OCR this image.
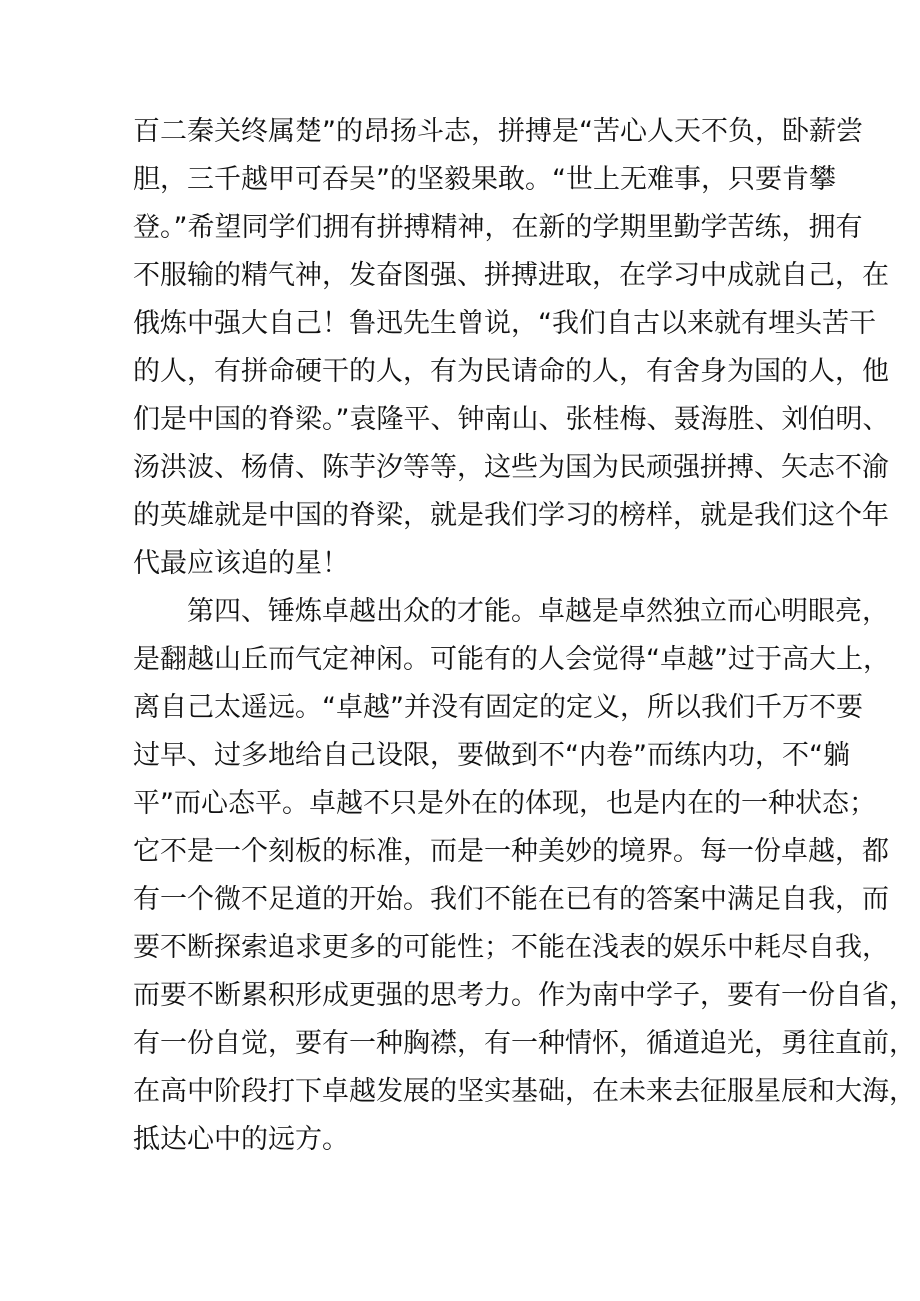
百二秦关终属楚”的昂扬斗志，拼搏是“苦心人天不负，卧薪尝
胆，三千越甲可吞吴”的坚毅果敢。“世上无难事，只要肯攀
登。”希望同学们拥有拼搏精神，在新的学期里勤学苦练，拥有
不服输的精气神，发奋图强、拼搏进取，在学习中成就自己，在
俄炼中强大自己！鲁迅先生曾说，“我们自古以来就有埋头苦干
的人，有拼命硬干的人，有为民请命的人，有舍身为国的人，他
们是中国的脊梁。”袁隆平、钟南山、张桂梅、聂海胜、刘伯明、
汤洪波、杨倩、陈芋汐等等，这些为国为民顽强拼搏、矢志不渝
的英雄就是中国的脊梁，就是我们学习的榜样，就是我们这个年
代最应该追的星！
　　第四、锤炼卓越出众的才能。卓越是卓然独立而心明眼亮，
是翻越山丘而气定神闲。可能有的人会觉得“卓越”过于高大上，
离自己太遥远。“卓越”并没有固定的定义，所以我们千万不要
过早、过多地给自己设限，要做到不“内卷”而练内功，不“躺
平”而心态平。卓越不只是外在的体现，也是内在的一种状态；
它不是一个刻板的标准，而是一种美妙的境界。每一份卓越，都
有一个微不足道的开始。我们不能在已有的答案中满足自我，而
要不断探索追求更多的可能性；不能在浅表的娱乐中耗尽自我，
而要不断累积形成更强的思考力。作为南中学子，要有一份自省，
有一份自觉，要有一种胸襟，有一种情怀，循道追光，勇往直前，
在高中阶段打下卓越发展的坚实基础，在未来去征服星辰和大海，
抵达心中的远方。
